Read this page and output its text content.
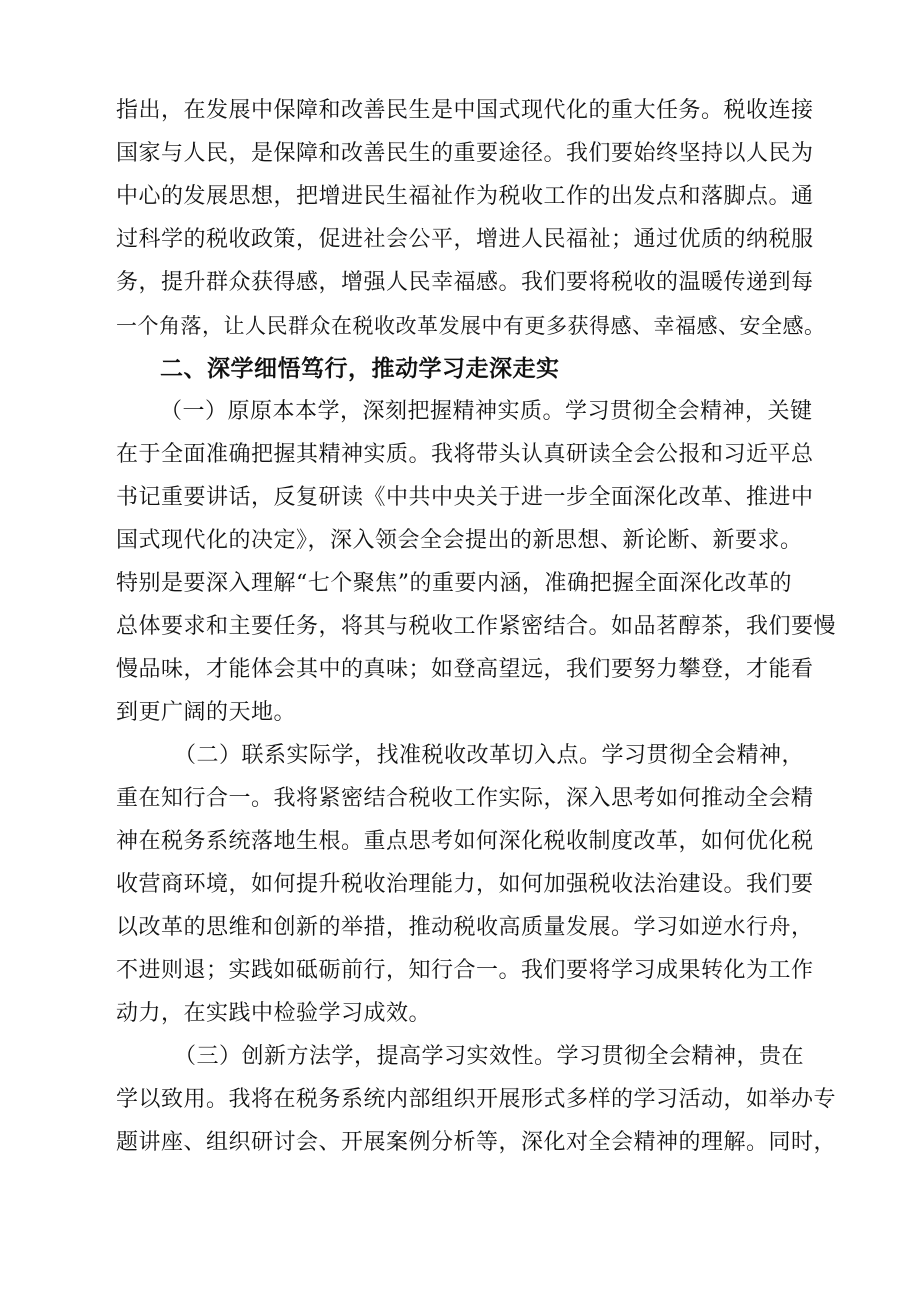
指出，在发展中保障和改善民生是中国式现代化的重大任务。税收连接
国家与人民，是保障和改善民生的重要途径。我们要始终坚持以人民为
中心的发展思想，把增进民生福祉作为税收工作的出发点和落脚点。通
过科学的税收政策，促进社会公平，增进人民福祉；通过优质的纳税服
务，提升群众获得感，增强人民幸福感。我们要将税收的温暖传递到每
一个角落，让人民群众在税收改革发展中有更多获得感、幸福感、安全感。
二、深学细悟笃行，推动学习走深走实
（一）原原本本学，深刻把握精神实质。学习贯彻全会精神，关键
在于全面准确把握其精神实质。我将带头认真研读全会公报和习近平总
书记重要讲话，反复研读《中共中央关于进一步全面深化改革、推进中
国式现代化的决定》，深入领会全会提出的新思想、新论断、新要求。
特别是要深入理解“七个聚焦”的重要内涵，准确把握全面深化改革的
总体要求和主要任务，将其与税收工作紧密结合。如品茗醇茶，我们要慢
慢品味，才能体会其中的真味；如登高望远，我们要努力攀登，才能看
到更广阔的天地。
（二）联系实际学，找准税收改革切入点。学习贯彻全会精神，
重在知行合一。我将紧密结合税收工作实际，深入思考如何推动全会精
神在税务系统落地生根。重点思考如何深化税收制度改革，如何优化税
收营商环境，如何提升税收治理能力，如何加强税收法治建设。我们要
以改革的思维和创新的举措，推动税收高质量发展。学习如逆水行舟，
不进则退；实践如砥砺前行，知行合一。我们要将学习成果转化为工作
动力，在实践中检验学习成效。
（三）创新方法学，提高学习实效性。学习贯彻全会精神，贵在
学以致用。我将在税务系统内部组织开展形式多样的学习活动，如举办专
题讲座、组织研讨会、开展案例分析等，深化对全会精神的理解。同时，
